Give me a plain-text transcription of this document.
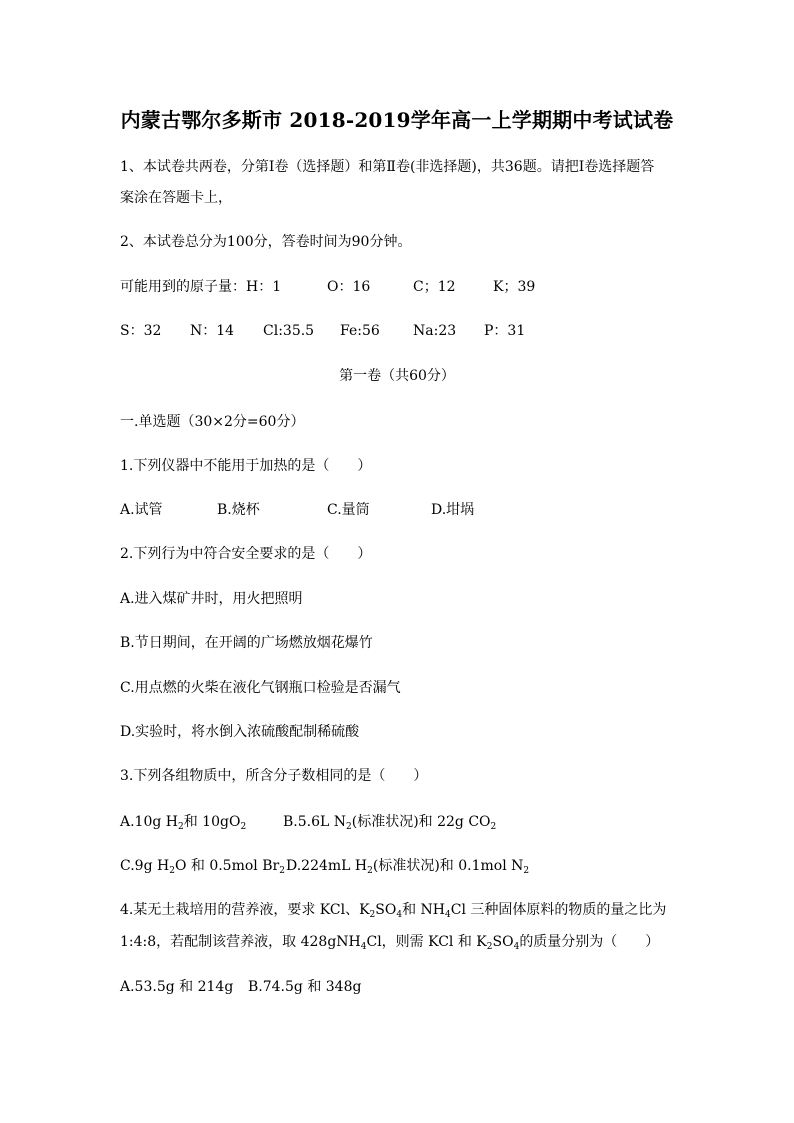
内蒙古鄂尔多斯市 2018-2019学年高一上学期期中考试试卷
1、本试卷共两卷，分第Ⅰ卷（选择题）和第Ⅱ卷(非选择题)，共36题。请把Ⅰ卷选择题答
案涂在答题卡上，
2、本试卷总分为100分，答卷时间为90分钟。
可能用到的原子量：H：1	O：16	C；12	K；39
S：32 N：14 Cl:35.5 Fe:56 Na:23 P：31
第一卷（共60分）
一.单选题（30×2分=60分）
1.下列仪器中不能用于加热的是（　　）
A.试管	B.烧杯	C.量筒	D.坩埚
2.下列行为中符合安全要求的是（　　）
A.进入煤矿井时，用火把照明
B.节日期间，在开阔的广场燃放烟花爆竹
C.用点燃的火柴在液化气钢瓶口检验是否漏气
D.实验时，将水倒入浓硫酸配制稀硫酸
3.下列各组物质中，所含分子数相同的是（　　）
A.10g $H_2$和 $10gO_2$	B.5.6L $N_2$(标准状况)和 22g $CO_2$
C.9g $H_2O$ 和 0.5mol $Br_2$ D.224mL $H_2$(标准状况)和 0.1mol $N_2$
4.某无土栽培用的营养液，要求 KCl、$K_2SO_4$和 $NH_4Cl$ 三种固体原料的物质的量之比为
1:4:8，若配制该营养液，取 428gNH$_4$Cl，则需 KCl 和 $K_2SO_4$的质量分别为（　　）
A.53.5g 和 214g B.74.5g 和 348g
